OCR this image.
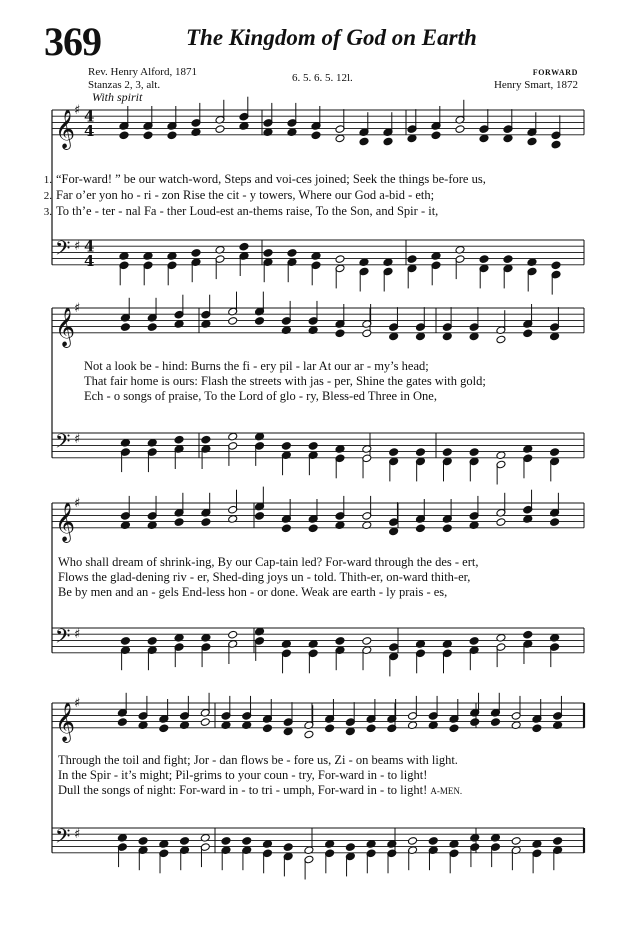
369	The Kingdom of God on Earth
Rev. Henry Alford, 1871
Stanzas 2, 3, alt.
6. 5. 6. 5. 12l.	FORWARD
Henry Smart, 1872
With spirit
𝄞
♯ 4
4
𝄢 ♯ 4
4
𝄞
♯
𝄢 ♯
𝄞
♯
𝄢 ♯
𝄞
♯
𝄢 ♯
1. “For-ward! ” be our watch-word, Steps and voi-ces joined; Seek the things be-fore us,
2. Far o’er yon ho - ri - zon Rise the cit - y towers, Where our God a-bid - eth;
3. To th’e - ter - nal Fa - ther Loud-est an-thems raise, To the Son, and Spir - it,
Not a look be - hind: Burns the fi - ery pil - lar At our ar - my’s head;
That fair home is ours: Flash the streets with jas - per, Shine the gates with gold;
Ech - o songs of praise, To the Lord of glo - ry, Bless-ed Three in One,
Who shall dream of shrink-ing, By our Cap-tain led? For-ward through the des - ert,
Flows the glad-dening riv - er, Shed-ding joys un - told. Thith-er, on-ward thith-er,
Be by men and an - gels End-less hon - or done. Weak are earth - ly prais - es,
Through the toil and fight; Jor - dan flows be - fore us, Zi - on beams with light.
In the Spir - it’s might; Pil-grims to your coun - try, For-ward in - to light!
Dull the songs of night: For-ward in - to tri - umph, For-ward in - to light! A-MEN.
